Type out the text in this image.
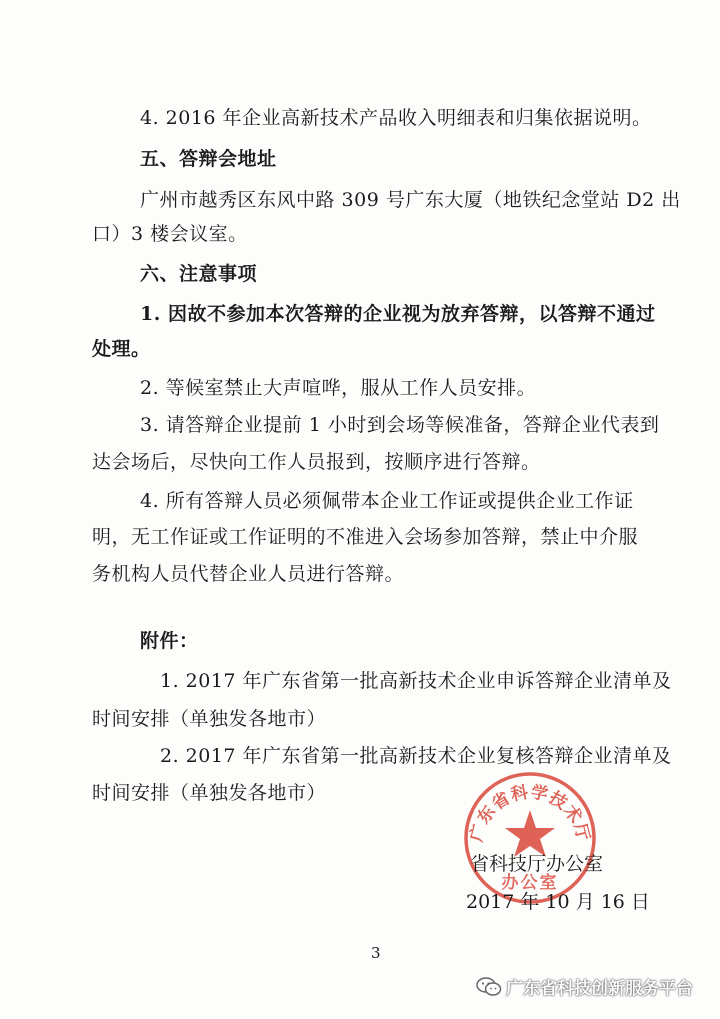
4. 2016 年企业高新技术产品收入明细表和归集依据说明。
五、答辩会地址
广州市越秀区东风中路 309 号广东大厦（地铁纪念堂站 D2 出
口）3 楼会议室。
六、注意事项
1. 因故不参加本次答辩的企业视为放弃答辩，以答辩不通过
处理。
2. 等候室禁止大声喧哗，服从工作人员安排。
3. 请答辩企业提前 1 小时到会场等候准备，答辩企业代表到
达会场后，尽快向工作人员报到，按顺序进行答辩。
4. 所有答辩人员必须佩带本企业工作证或提供企业工作证
明，无工作证或工作证明的不准进入会场参加答辩，禁止中介服
务机构人员代替企业人员进行答辩。
附件：
1. 2017 年广东省第一批高新技术企业申诉答辩企业清单及
时间安排（单独发各地市）
2. 2017 年广东省第一批高新技术企业复核答辩企业清单及
时间安排（单独发各地市）
广东省科学技术厅
办公室
省科技厅办公室
2017 年 10 月 16 日
3
广东省科技创新服务平台
